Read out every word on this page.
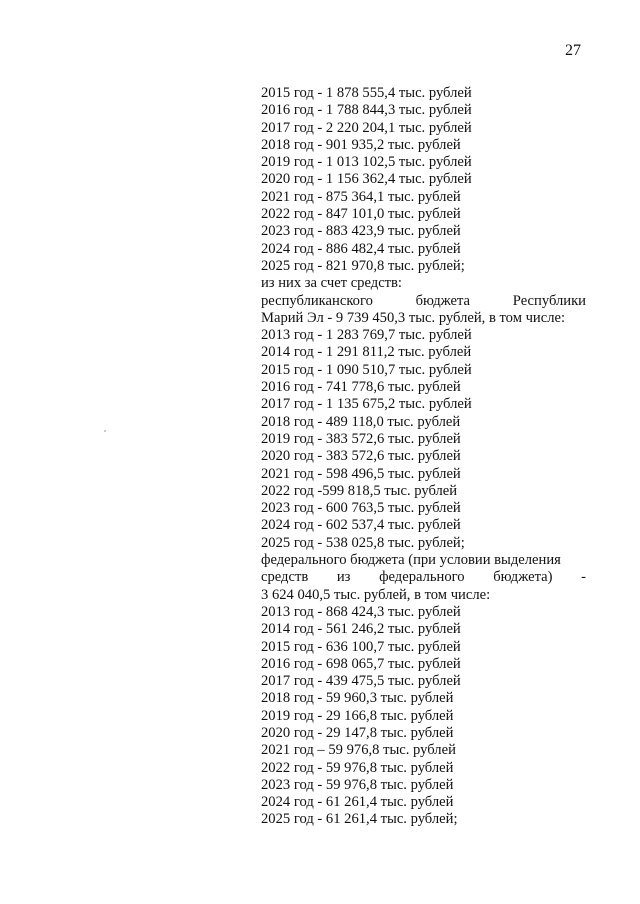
27
2015 год - 1 878 555,4 тыс. рублей
2016 год - 1 788 844,3 тыс. рублей
2017 год - 2 220 204,1 тыс. рублей
2018 год - 901 935,2 тыс. рублей
2019 год - 1 013 102,5 тыс. рублей
2020 год - 1 156 362,4 тыс. рублей
2021 год - 875 364,1 тыс. рублей
2022 год - 847 101,0 тыс. рублей
2023 год - 883 423,9 тыс. рублей
2024 год - 886 482,4 тыс. рублей
2025 год - 821 970,8 тыс. рублей;
из них за счет средств:
республиканского	бюджета	Республики
Марий Эл - 9 739 450,3 тыс. рублей, в том числе:
2013 год - 1 283 769,7 тыс. рублей
2014 год - 1 291 811,2 тыс. рублей
2015 год - 1 090 510,7 тыс. рублей
2016 год - 741 778,6 тыс. рублей
2017 год - 1 135 675,2 тыс. рублей
2018 год - 489 118,0 тыс. рублей
2019 год - 383 572,6 тыс. рублей
2020 год - 383 572,6 тыс. рублей
2021 год - 598 496,5 тыс. рублей
2022 год -599 818,5 тыс. рублей
2023 год - 600 763,5 тыс. рублей
2024 год - 602 537,4 тыс. рублей
2025 год - 538 025,8 тыс. рублей;
федерального бюджета (при условии выделения
средств из федерального бюджета) -
3 624 040,5 тыс. рублей, в том числе:
2013 год - 868 424,3 тыс. рублей
2014 год - 561 246,2 тыс. рублей
2015 год - 636 100,7 тыс. рублей
2016 год - 698 065,7 тыс. рублей
2017 год - 439 475,5 тыс. рублей
2018 год - 59 960,3 тыс. рублей
2019 год - 29 166,8 тыс. рублей
2020 год - 29 147,8 тыс. рублей
2021 год – 59 976,8 тыс. рублей
2022 год - 59 976,8 тыс. рублей
2023 год - 59 976,8 тыс. рублей
2024 год - 61 261,4 тыс. рублей
2025 год - 61 261,4 тыс. рублей;
